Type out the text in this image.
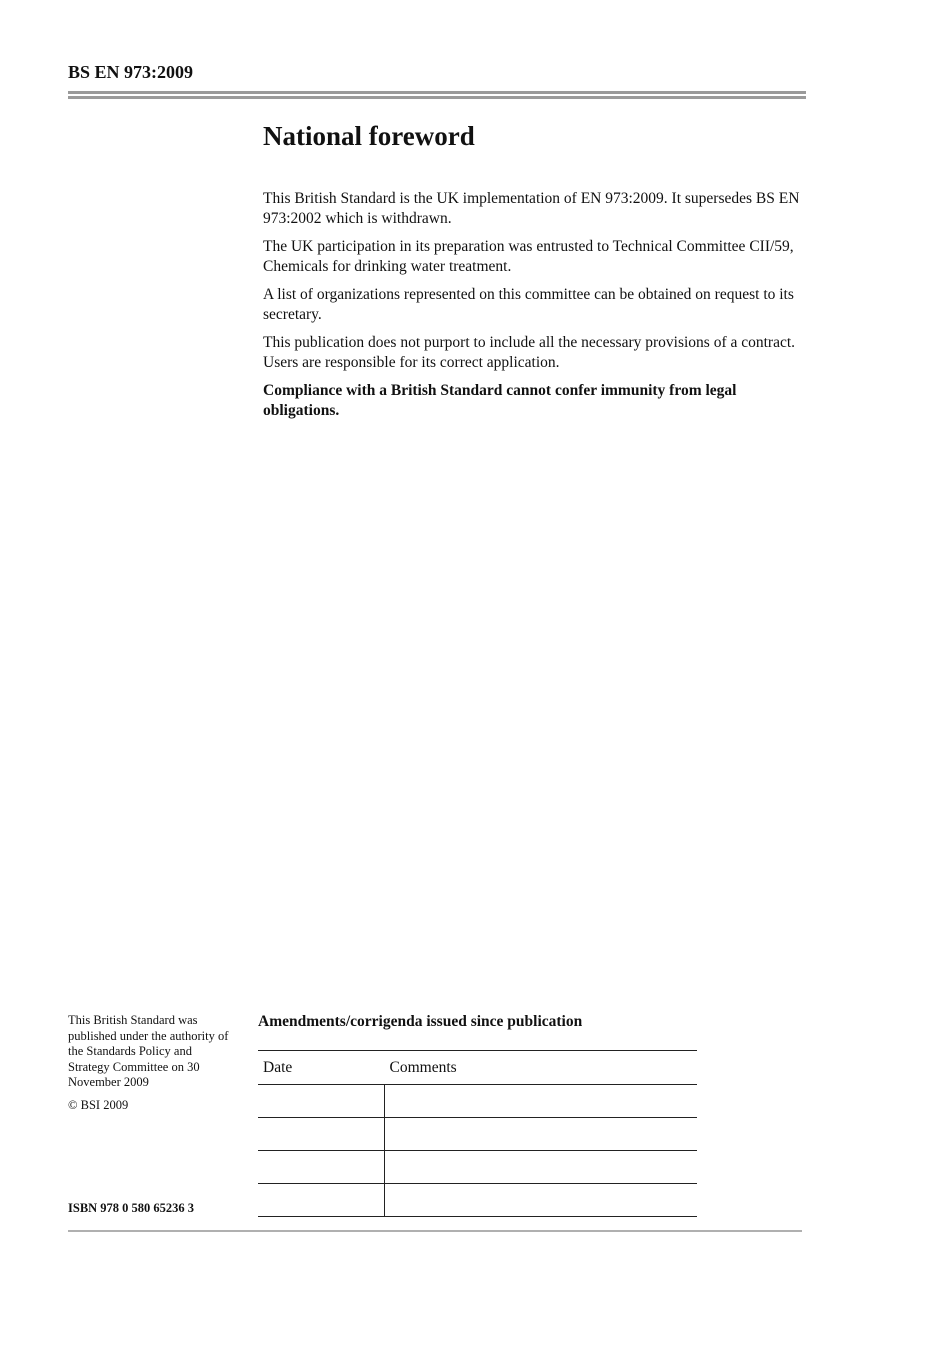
BS EN 973:2009
National foreword

This British Standard is the UK implementation of EN 973:2009. It supersedes BS EN 973:2002 which is withdrawn.

The UK participation in its preparation was entrusted to Technical Committee CII/59, Chemicals for drinking water treatment.

A list of organizations represented on this committee can be obtained on request to its secretary.

This publication does not purport to include all the necessary provisions of a contract. Users are responsible for its correct application.

Compliance with a British Standard cannot confer immunity from legal obligations.

This British Standard was published under the authority of the Standards Policy and Strategy Committee on 30 November 2009

© BSI 2009

ISBN 978 0 580 65236 3
Amendments/corrigenda issued since publication
Date	Comments
